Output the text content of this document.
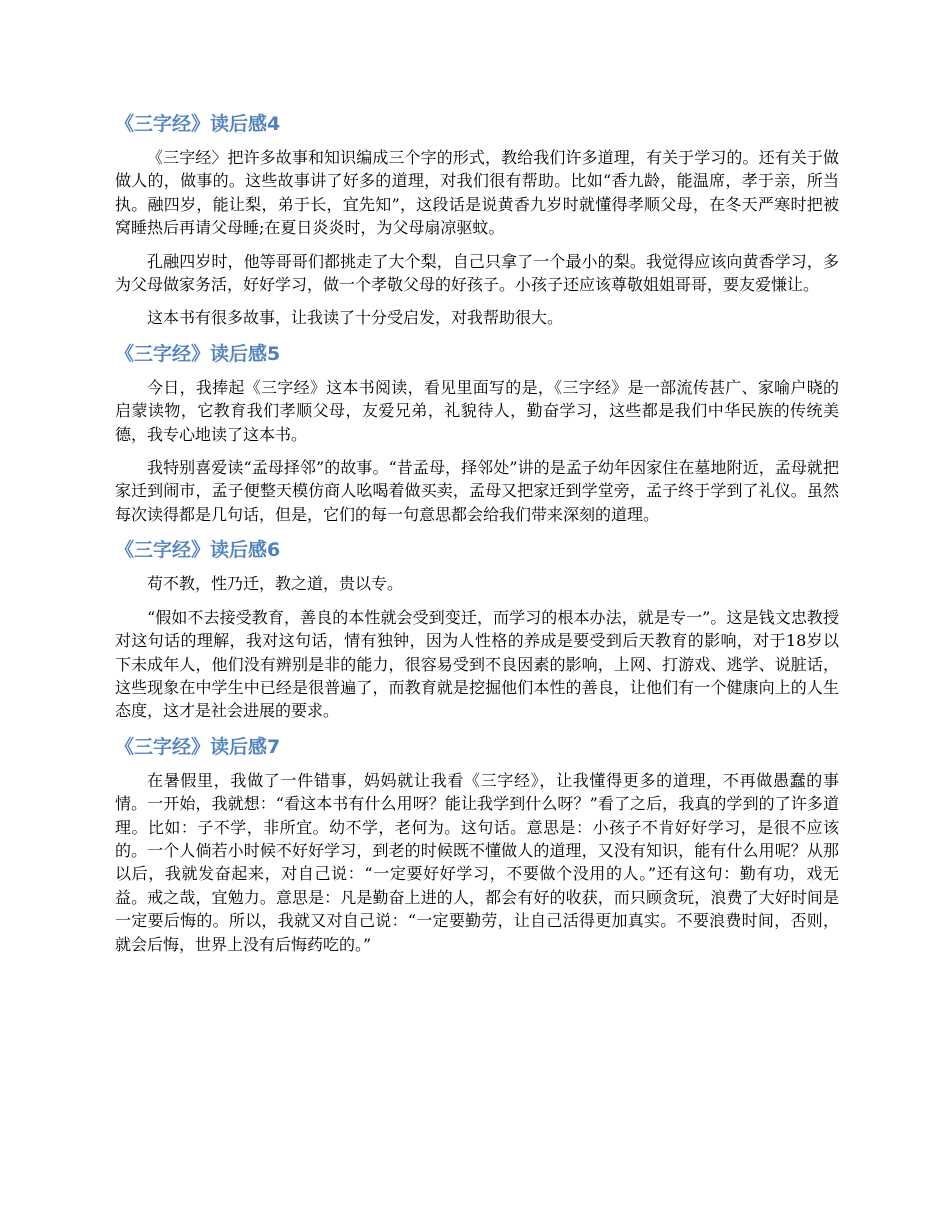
《三字经》读后感4

《三字经〉把许多故事和知识编成三个字的形式，教给我们许多道理，有关于学习的。还有关于做做人的，做事的。这些故事讲了好多的道理，对我们很有帮助。比如“香九龄，能温席，孝于亲，所当执。融四岁，能让梨，弟于长，宜先知”，这段话是说黄香九岁时就懂得孝顺父母，在冬天严寒时把被窝睡热后再请父母睡;在夏日炎炎时，为父母扇凉驱蚊。

孔融四岁时，他等哥哥们都挑走了大个梨，自己只拿了一个最小的梨。我觉得应该向黄香学习，多为父母做家务活，好好学习，做一个孝敬父母的好孩子。小孩子还应该尊敬姐姐哥哥，要友爱慊让。

这本书有很多故事，让我读了十分受启发，对我帮助很大。

《三字经》读后感5

今日，我捧起《三字经》这本书阅读，看见里面写的是，《三字经》是一部流传甚广、家喻户晓的启蒙读物，它教育我们孝顺父母，友爱兄弟，礼貌待人，勤奋学习，这些都是我们中华民族的传统美德，我专心地读了这本书。

我特别喜爱读“孟母择邻”的故事。“昔孟母，择邻处”讲的是孟子幼年因家住在墓地附近，孟母就把家迁到闹市，孟子便整天模仿商人吆喝着做买卖，孟母又把家迁到学堂旁，孟子终于学到了礼仪。虽然每次读得都是几句话，但是，它们的每一句意思都会给我们带来深刻的道理。

《三字经》读后感6

苟不教，性乃迁，教之道，贵以专。

“假如不去接受教育，善良的本性就会受到变迁，而学习的根本办法，就是专一”。这是钱文忠教授对这句话的理解，我对这句话，情有独钟，因为人性格的养成是要受到后天教育的影响，对于18岁以下未成年人，他们没有辨别是非的能力，很容易受到不良因素的影响，上网、打游戏、逃学、说脏话，这些现象在中学生中已经是很普遍了，而教育就是挖掘他们本性的善良，让他们有一个健康向上的人生态度，这才是社会进展的要求。

《三字经》读后感7

在暑假里，我做了一件错事，妈妈就让我看《三字经》，让我懂得更多的道理，不再做愚蠢的事情。一开始，我就想：“看这本书有什么用呀？能让我学到什么呀？”看了之后，我真的学到的了许多道理。比如：子不学，非所宜。幼不学，老何为。这句话。意思是：小孩子不肯好好学习，是很不应该的。一个人倘若小时候不好好学习，到老的时候既不懂做人的道理，又没有知识，能有什么用呢？从那以后，我就发奋起来，对自己说：“一定要好好学习，不要做个没用的人。”还有这句：勤有功，戏无益。戒之哉，宜勉力。意思是：凡是勤奋上进的人，都会有好的收获，而只顾贪玩，浪费了大好时间是一定要后悔的。所以，我就又对自己说：“一定要勤劳，让自己活得更加真实。不要浪费时间，否则，就会后悔，世界上没有后悔药吃的。”
